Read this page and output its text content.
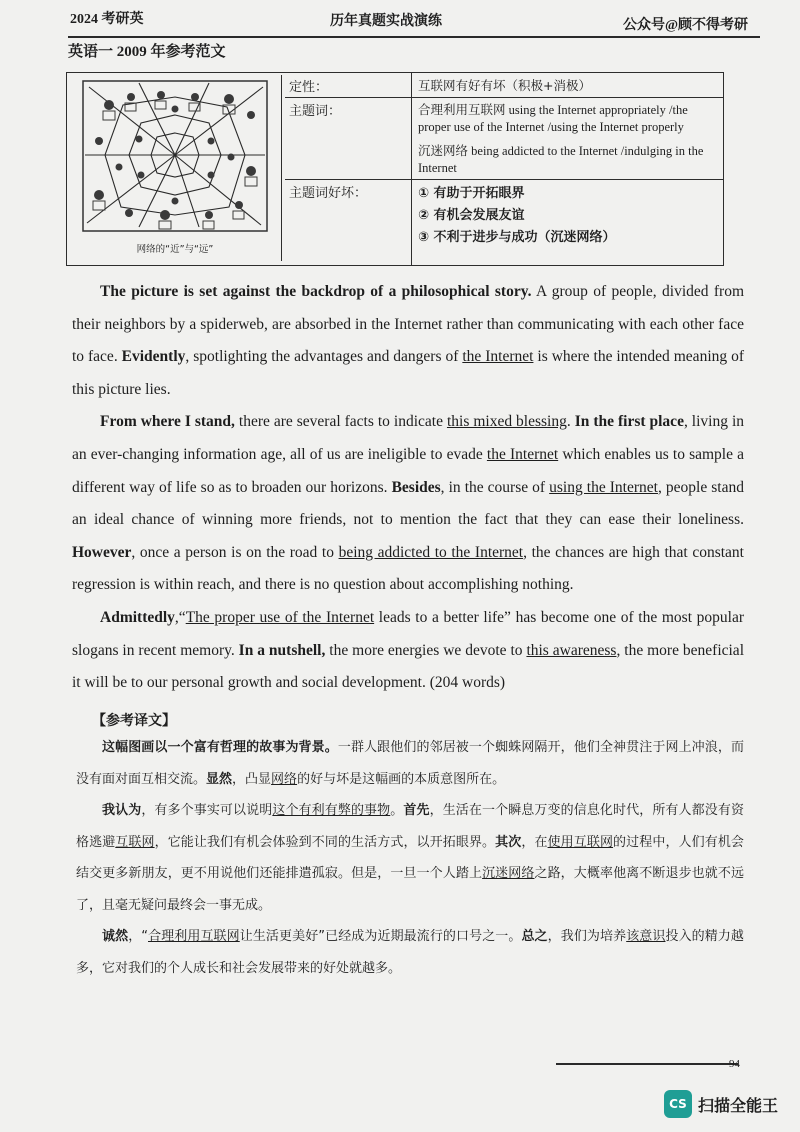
2024 考研英	历年真题实战演练	公众号@顾不得考研
英语一 2009 年参考范文
网络的“近”与“远”
定性：	互联网有好有坏（积极+消极）
主题词：	合理利用互联网 using the Internet appropriately /the proper use of the Internet /using the Internet properly
沉迷网络 being addicted to the Internet /indulging in the Internet
主题词好坏：	① 有助于开拓眼界
② 有机会发展友谊
③ 不利于进步与成功（沉迷网络）

The picture is set against the backdrop of a philosophical story. A group of people, divided from their neighbors by a spiderweb, are absorbed in the Internet rather than communicating with each other face to face. Evidently, spotlighting the advantages and dangers of the Internet is where the intended meaning of this picture lies.

From where I stand, there are several facts to indicate this mixed blessing. In the first place, living in an ever-changing information age, all of us are ineligible to evade the Internet which enables us to sample a different way of life so as to broaden our horizons. Besides, in the course of using the Internet, people stand an ideal chance of winning more friends, not to mention the fact that they can ease their loneliness. However, once a person is on the road to being addicted to the Internet, the chances are high that constant regression is within reach, and there is no question about accomplishing nothing.

Admittedly,“The proper use of the Internet leads to a better life” has become one of the most popular slogans in recent memory. In a nutshell, the more energies we devote to this awareness, the more beneficial it will be to our personal growth and social development. (204 words)

【参考译文】

这幅图画以一个富有哲理的故事为背景。一群人跟他们的邻居被一个蜘蛛网隔开，他们全神贯注于网上冲浪，而没有面对面互相交流。显然，凸显网络的好与坏是这幅画的本质意图所在。

我认为，有多个事实可以说明这个有利有弊的事物。首先，生活在一个瞬息万变的信息化时代，所有人都没有资格逃避互联网，它能让我们有机会体验到不同的生活方式，以开拓眼界。其次，在使用互联网的过程中，人们有机会结交更多新朋友，更不用说他们还能排遣孤寂。但是，一旦一个人踏上沉迷网络之路，大概率他离不断退步也就不远了，且毫无疑问最终会一事无成。

诚然，“合理利用互联网让生活更美好”已经成为近期最流行的口号之一。总之，我们为培养该意识投入的精力越多，它对我们的个人成长和社会发展带来的好处就越多。

94
CS 扫描全能王
